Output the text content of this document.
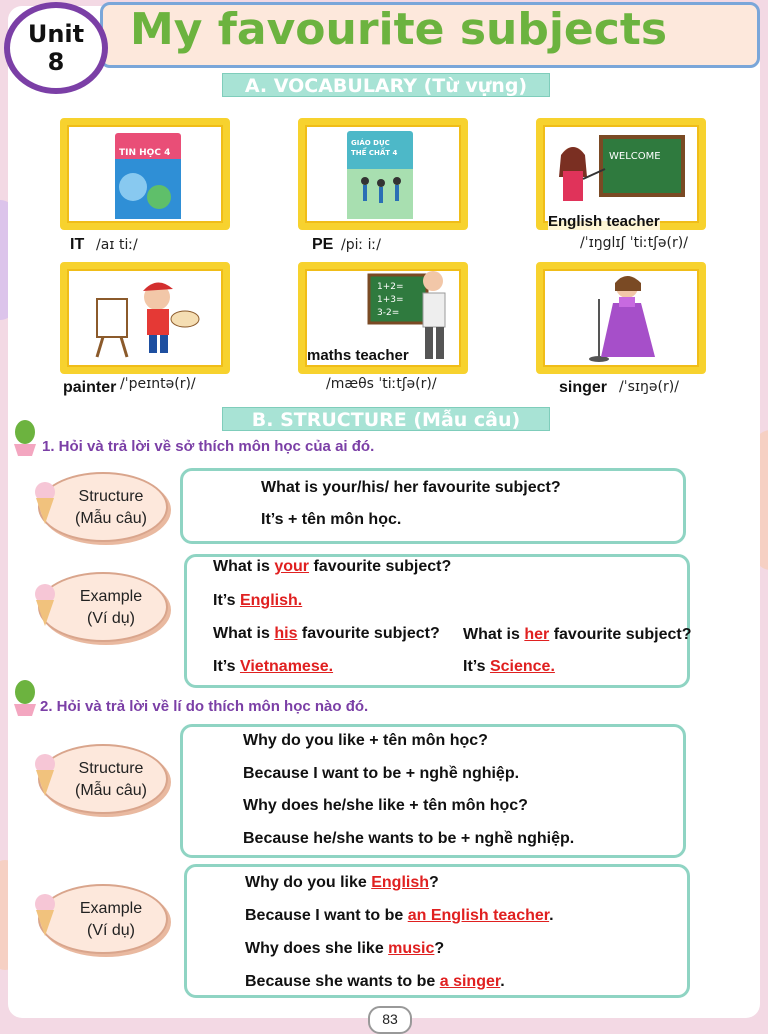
My favourite subjects
Unit
8
A. VOCABULARY (Từ vựng)
TIN HỌC 4
GIÁO DỤC
THỂ CHẤT 4	WELCOME
English teacher
IT /aɪ tiː/	PE /piː iː/	/ˈɪŋglɪʃ ˈtiːtʃə(r)/
1+2=
1+3=
3-2=
maths teacher
painter /ˈpeɪntə(r)/	/mæθs ˈtiːtʃə(r)/	singer /ˈsɪŋə(r)/
B. STRUCTURE (Mẫu câu)
1. Hỏi và trả lời về sở thích môn học của ai đó.
Structure
(Mẫu câu)
What is your/his/ her favourite subject?
It’s + tên môn học.
Example
(Ví dụ)
What is your favourite subject?
It’s English.
What is his favourite subject?
It’s Vietnamese.
What is her favourite subject?
It’s Science.
2. Hỏi và trả lời về lí do thích môn học nào đó.
Structure
(Mẫu câu)
Why do you like + tên môn học?
Because I want to be + nghề nghiệp.
Why does he/she like + tên môn học?
Because he/she wants to be + nghề nghiệp.
Example
(Ví dụ)
Why do you like English?
Because I want to be an English teacher.
Why does she like music?
Because she wants to be a singer.
83
